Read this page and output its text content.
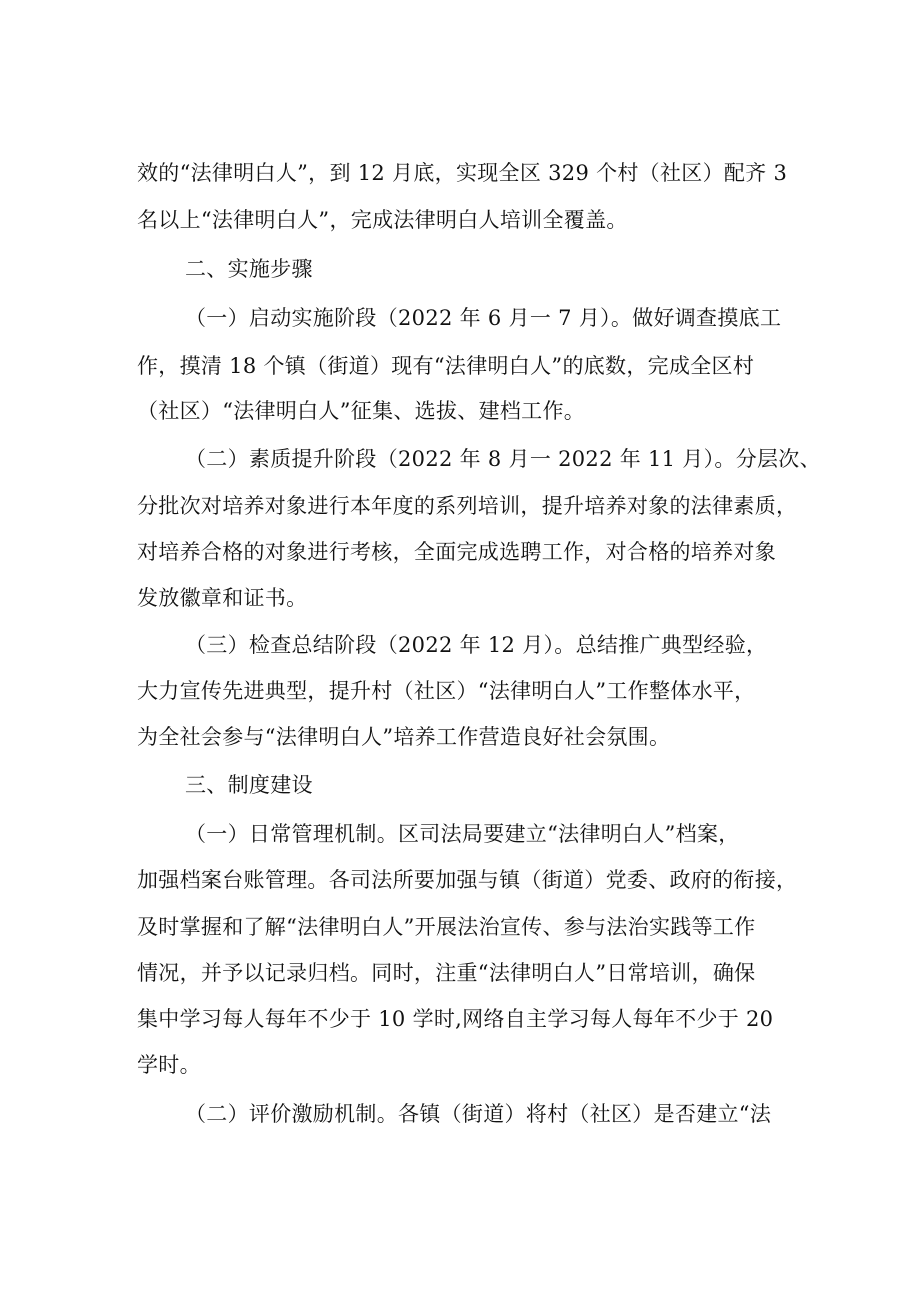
效的“法律明白人”，到 12 月底，实现全区 329 个村（社区）配齐 3
名以上“法律明白人”，完成法律明白人培训全覆盖。
二、实施步骤
（一）启动实施阶段（2022 年 6 月一 7 月）。做好调查摸底工
作，摸清 18 个镇（街道）现有“法律明白人”的底数，完成全区村
（社区）“法律明白人”征集、选拔、建档工作。
（二）素质提升阶段（2022 年 8 月一 2022 年 11 月）。分层次、
分批次对培养对象进行本年度的系列培训，提升培养对象的法律素质，
对培养合格的对象进行考核，全面完成选聘工作，对合格的培养对象
发放徽章和证书。
（三）检查总结阶段（2022 年 12 月）。总结推广典型经验，
大力宣传先进典型，提升村（社区）“法律明白人”工作整体水平，
为全社会参与“法律明白人”培养工作营造良好社会氛围。
三、制度建设
（一）日常管理机制。区司法局要建立“法律明白人”档案，
加强档案台账管理。各司法所要加强与镇（街道）党委、政府的衔接，
及时掌握和了解“法律明白人”开展法治宣传、参与法治实践等工作
情况，并予以记录归档。同时，注重“法律明白人”日常培训，确保
集中学习每人每年不少于 10 学时,网络自主学习每人每年不少于 20
学时。
（二）评价激励机制。各镇（街道）将村（社区）是否建立“法
